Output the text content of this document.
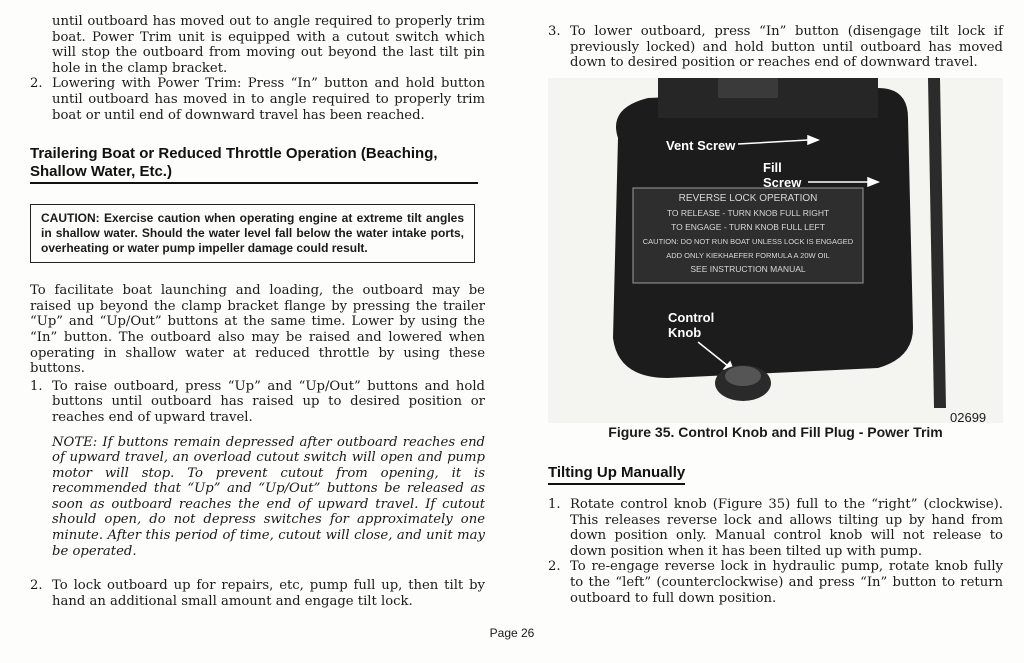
until outboard has moved out to angle required to properly trim boat. Power Trim unit is equipped with a cutout switch which will stop the outboard from moving out beyond the last tilt pin hole in the clamp bracket.

2. Lowering with Power Trim: Press “In” button and hold button until outboard has moved in to angle required to properly trim boat or until end of downward travel has been reached.
Trailering Boat or Reduced Throttle Operation (Beaching, Shallow Water, Etc.)
CAUTION: Exercise caution when operating engine at extreme tilt angles in shallow water. Should the water level fall below the water intake ports, overheating or water pump impeller damage could result.

To facilitate boat launching and loading, the outboard may be raised up beyond the clamp bracket flange by pressing the trailer “Up” and “Up/Out” buttons at the same time. Lower by using the “In” button. The outboard also may be raised and lowered when operating in shallow water at reduced throttle by using these buttons.

1. To raise outboard, press “Up” and “Up/Out” buttons and hold buttons until outboard has raised up to desired position or reaches end of upward travel.

NOTE: If buttons remain depressed after outboard reaches end of upward travel, an overload cutout switch will open and pump motor will stop. To prevent cutout from opening, it is recommended that “Up” and “Up/Out” buttons be released as soon as outboard reaches the end of upward travel. If cutout should open, do not depress switches for approximately one minute. After this period of time, cutout will close, and unit may be operated.

2. To lock outboard up for repairs, etc, pump full up, then tilt by hand an additional small amount and engage tilt lock.
3. To lower outboard, press “In” button (disengage tilt lock if previously locked) and hold button until outboard has moved down to desired position or reaches end of downward travel.
REVERSE LOCK OPERATION
TO RELEASE - TURN KNOB FULL RIGHT
TO ENGAGE - TURN KNOB FULL LEFT
CAUTION: DO NOT RUN BOAT UNLESS LOCK IS ENGAGED
ADD ONLY KIEKHAEFER FORMULA A 20W OIL
SEE INSTRUCTION MANUAL
Vent Screw
Fill
Screw
Control
Knob
02699
Figure 35. Control Knob and Fill Plug - Power Trim
Tilting Up Manually
1. Rotate control knob (Figure 35) full to the “right” (clockwise). This releases reverse lock and allows tilting up by hand from down position only. Manual control knob will not release to down position when it has been tilted up with pump.
2. To re-engage reverse lock in hydraulic pump, rotate knob fully to the “left” (counterclockwise) and press “In” button to return outboard to full down position.
Page 26
